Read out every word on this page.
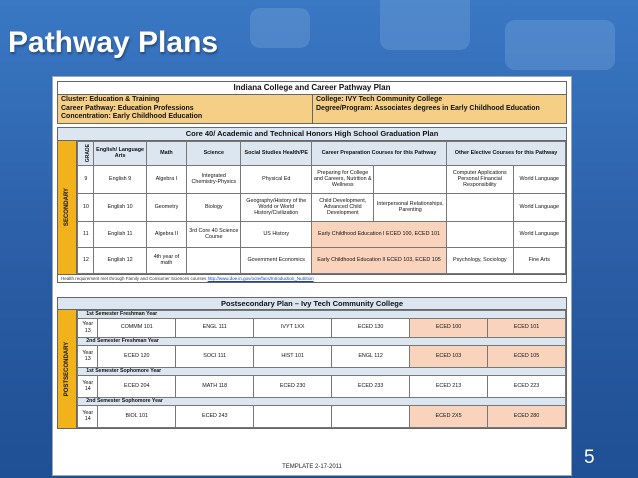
Pathway Plans
Indiana College and Career Pathway Plan
Cluster: Education & Training
Career Pathway: Education Professions
Concentration: Early Childhood Education
College: IVY Tech Community College
Degree/Program: Associates degrees in Early Childhood Education
Core 40/ Academic and Technical Honors High School Graduation Plan
SECONDARY
GRADE	English/ Language Arts	Math	Science	Social Studies Health/PE	Career Preparation Courses for this Pathway		Other Elective Courses for this Pathway	
9	English 9	Algebra I	Integrated Chemistry-Physics	Physical Ed	Preparing for College and Careers, Nutrition & Wellness		Computer Applications Personal Financial Responsibility	World Language
10	English 10	Geometry	Biology	Geography/History of the World or World History/Civilization	Child Development, Advanced Child Development	Interpersonal Relationships, Parenting		World Language
11	English 11	Algebra II	3rd Core 40 Science Course	US History	Early Childhood Education I ECED 100, ECED 101			World Language
12	English 12	4th year of math		Government Economics	Early Childhood Education II ECED 103, ECED 105		Psychology, Sociology	Fine Arts
Health requirement met through Family and Consumer Sciences courses http://www.doe.in.gov/octe/facs/Introduction_Nutrition
Postsecondary Plan – Ivy Tech Community College
POSTSECONDARY
1st Semester Freshman Year						
Year 13	COMMM 101	ENGL 111	IVYT 1XX	ECED 130	ECED 100	ECED 101
2nd Semester Freshman Year						
Year 13	ECED 120	SOCI 111	HIST 101	ENGL 112	ECED 103	ECED 105
1st Semester Sophomore Year						
Year 14	ECED 204	MATH 118	ECED 230	ECED 233	ECED 213	ECED 223
2nd Semester Sophomore Year						
Year 14	BIOL 101	ECED 243			ECED 2X5	ECED 280
TEMPLATE 2-17-2011	5
